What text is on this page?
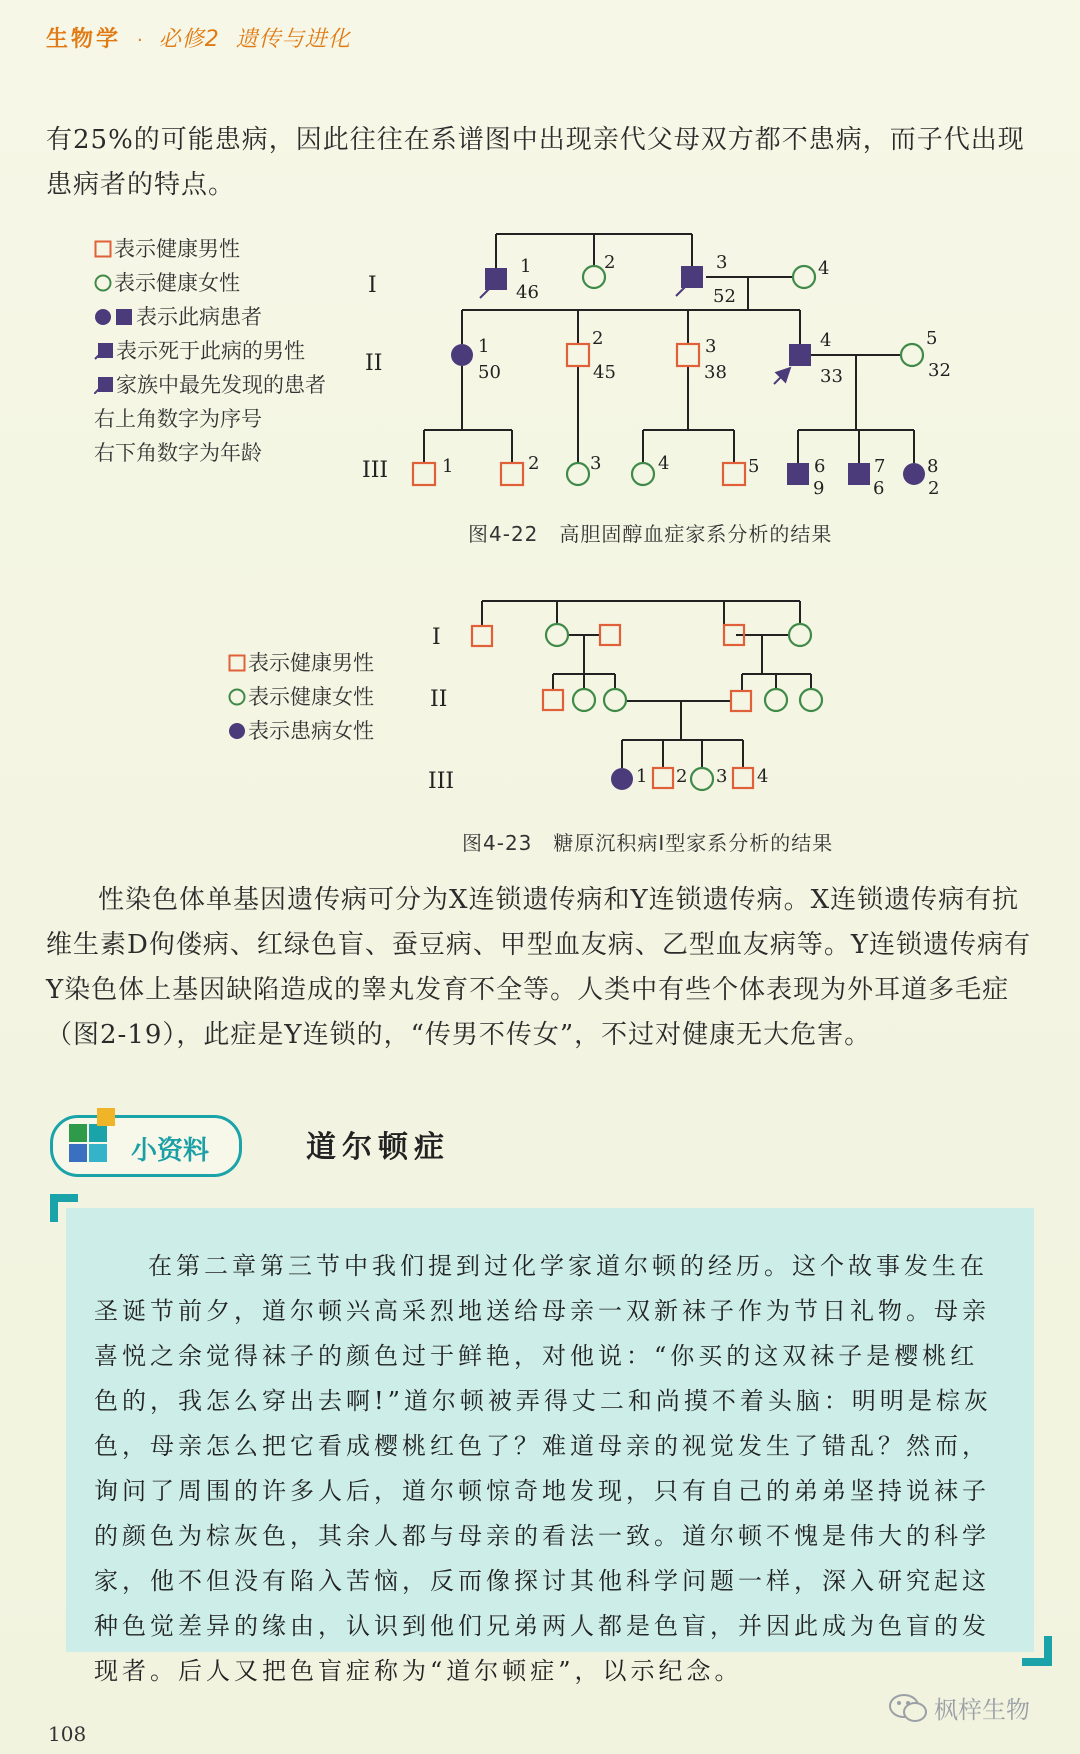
生物学 · 必修2 遗传与进化

有25%的可能患病，因此往往在系谱图中出现亲代父母双方都不患病，而子代出现患病者的特点。

表示健康男性
表示健康女性
表示此病患者
表示死于此病的男性
家族中最先发现的患者
右上角数字为序号
右下角数字为年龄
I
II
III
I
II
III
1
46
2	3
52
4
1
50
2
45
3
38
4
33
5
32
1	2	3	4	5	6
9
7
6
8
2
1 2 3 4
图4-22　高胆固醇血症家系分析的结果
表示健康男性
表示健康女性
表示患病女性
图4-23　糖原沉积病Ⅰ型家系分析的结果

性染色体单基因遗传病可分为X连锁遗传病和Y连锁遗传病。X连锁遗传病有抗维生素D佝偻病、红绿色盲、蚕豆病、甲型血友病、乙型血友病等。Y连锁遗传病有Y染色体上基因缺陷造成的睾丸发育不全等。人类中有些个体表现为外耳道多毛症（图2-19），此症是Y连锁的，“传男不传女”，不过对健康无大危害。

小资料	道尔顿症

在第二章第三节中我们提到过化学家道尔顿的经历。这个故事发生在圣诞节前夕，道尔顿兴高采烈地送给母亲一双新袜子作为节日礼物。母亲喜悦之余觉得袜子的颜色过于鲜艳，对他说：“你买的这双袜子是樱桃红色的，我怎么穿出去啊!”道尔顿被弄得丈二和尚摸不着头脑：明明是棕灰色，母亲怎么把它看成樱桃红色了？难道母亲的视觉发生了错乱？然而，询问了周围的许多人后，道尔顿惊奇地发现，只有自己的弟弟坚持说袜子的颜色为棕灰色，其余人都与母亲的看法一致。道尔顿不愧是伟大的科学家，他不但没有陷入苦恼，反而像探讨其他科学问题一样，深入研究起这种色觉差异的缘由，认识到他们兄弟两人都是色盲，并因此成为色盲的发现者。后人又把色盲症称为“道尔顿症”，以示纪念。

108
枫梓生物
